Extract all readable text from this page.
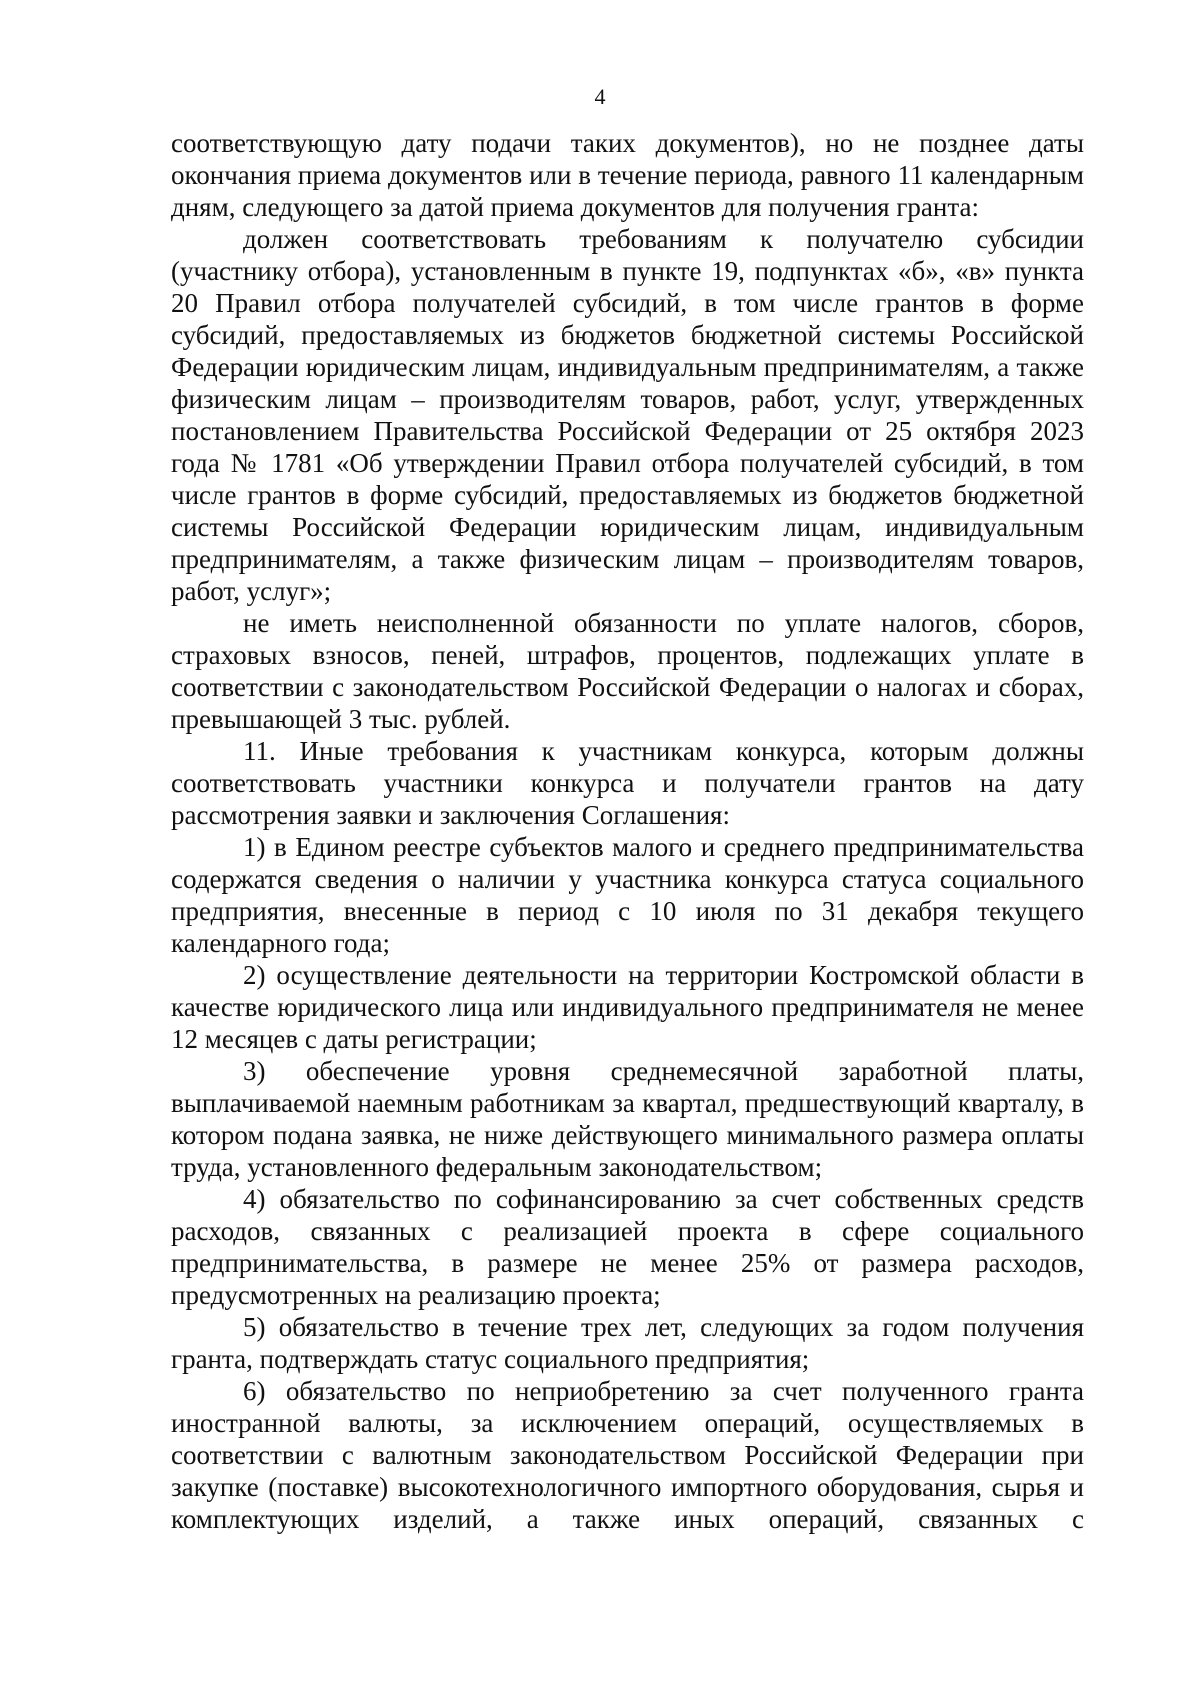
4

соответствующую дату подачи таких документов), но не позднее даты окончания приема документов или в течение периода, равного 11 календарным дням, следующего за датой приема документов для получения гранта:

должен соответствовать требованиям к получателю субсидии (участнику отбора), установленным в пункте 19, подпунктах «б», «в» пункта 20 Правил отбора получателей субсидий, в том числе грантов в форме субсидий, предоставляемых из бюджетов бюджетной системы Российской Федерации юридическим лицам, индивидуальным предпринимателям, а также физическим лицам – производителям товаров, работ, услуг, утвержденных постановлением Правительства Российской Федерации от 25 октября 2023 года № 1781 «Об утверждении Правил отбора получателей субсидий, в том числе грантов в форме субсидий, предоставляемых из бюджетов бюджетной системы Российской Федерации юридическим лицам, индивидуальным предпринимателям, а также физическим лицам – производителям товаров, работ, услуг»;

не иметь неисполненной обязанности по уплате налогов, сборов, страховых взносов, пеней, штрафов, процентов, подлежащих уплате в соответствии с законодательством Российской Федерации о налогах и сборах, превышающей 3 тыс. рублей.

11. Иные требования к участникам конкурса, которым должны соответствовать участники конкурса и получатели грантов на дату рассмотрения заявки и заключения Соглашения:

1) в Едином реестре субъектов малого и среднего предпринимательства содержатся сведения о наличии у участника конкурса статуса социального предприятия, внесенные в период с 10 июля по 31 декабря текущего календарного года;

2) осуществление деятельности на территории Костромской области в качестве юридического лица или индивидуального предпринимателя не менее 12 месяцев с даты регистрации;

3) обеспечение уровня среднемесячной заработной платы, выплачиваемой наемным работникам за квартал, предшествующий кварталу, в котором подана заявка, не ниже действующего минимального размера оплаты труда, установленного федеральным законодательством;

4) обязательство по софинансированию за счет собственных средств расходов, связанных с реализацией проекта в сфере социального предпринимательства, в размере не менее 25% от размера расходов, предусмотренных на реализацию проекта;

5) обязательство в течение трех лет, следующих за годом получения гранта, подтверждать статус социального предприятия;

6) обязательство по неприобретению за счет полученного гранта иностранной валюты, за исключением операций, осуществляемых в соответствии с валютным законодательством Российской Федерации при закупке (поставке) высокотехнологичного импортного оборудования, сырья и комплектующих изделий, а также иных операций, связанных с
